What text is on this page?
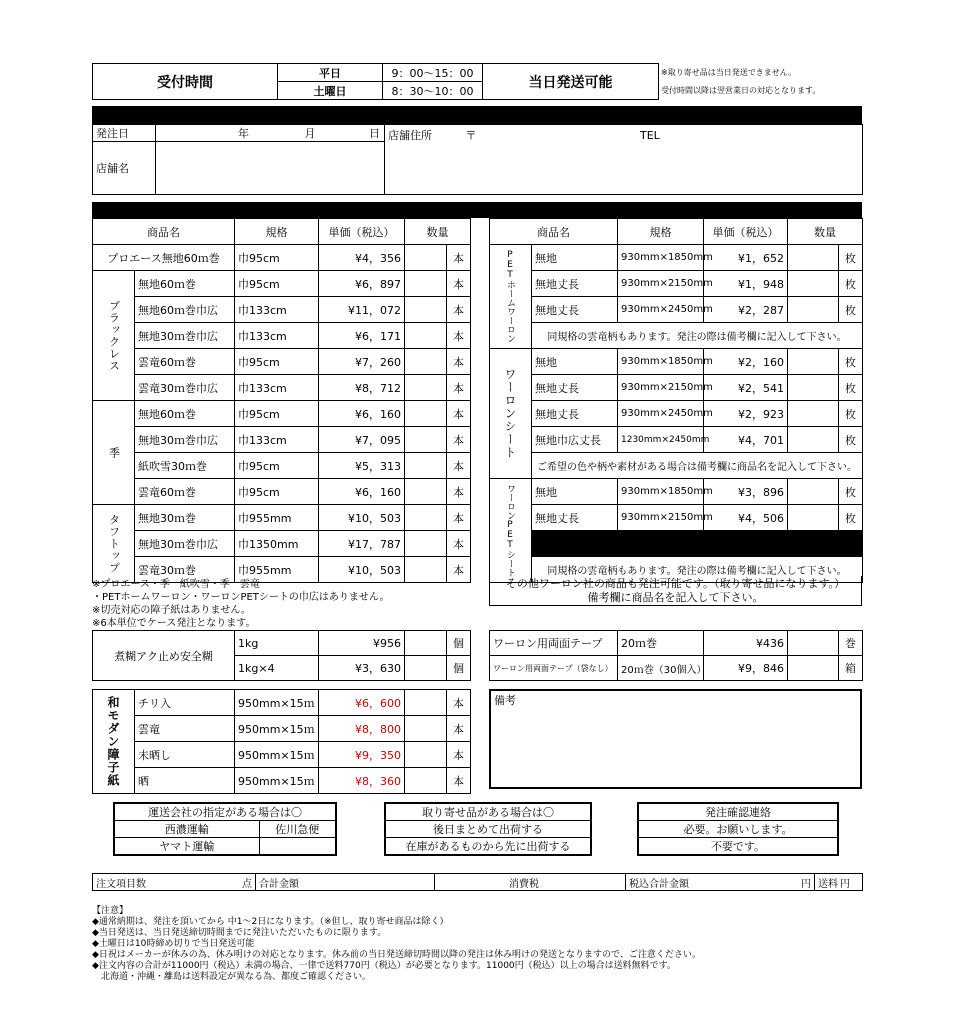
受付時間	平日	9：00～15：00	当日発送可能
	土曜日	8：30～10：00	
※取り寄せ品は当日発送できません。
受付時間以降は翌営業日の対応となります。
発注日	年 月 日	店舗住所 〒 TEL
店舗名		
商品名		規格	単価（税込）	数量	
プロエース無地60ｍ巻		巾95cm	¥4，356		本
ブラックレス	無地60ｍ巻	巾95cm	¥6，897		本
	無地60ｍ巻巾広	巾133cm	¥11，072		本
	無地30ｍ巻巾広	巾133cm	¥6，171		本
	雲竜60ｍ巻	巾95cm	¥7，260		本
	雲竜30ｍ巻巾広	巾133cm	¥8，712		本
季	無地60ｍ巻	巾95cm	¥6，160		本
	無地30ｍ巻巾広	巾133cm	¥7，095		本
	紙吹雪30ｍ巻	巾95cm	¥5，313		本
	雲竜60ｍ巻	巾95cm	¥6，160		本
タフトップ	無地30ｍ巻	巾955mm	¥10，503		本
	無地30ｍ巻巾広	巾1350mm	¥17，787		本
	雲竜30ｍ巻	巾955mm	¥10，503		本
※プロエース・季　紙吹雪・季　雲竜
・PETホームワーロン・ワーロンPETシートの巾広はありません。
※切売対応の障子紙はありません。
※6本単位でケース発注となります。
商品名		規格	単価（税込）	数量	
PETホームワーロン	無地	930mm×1850mm	¥1，652		枚
	無地丈長	930mm×2150mm	¥1，948		枚
	無地丈長	930mm×2450mm	¥2，287		枚
	同規格の雲竜柄もあります。発注の際は備考欄に記入して下さい。				
ワーロンシート	無地	930mm×1850mm	¥2，160		枚
	無地丈長	930mm×2150mm	¥2，541		枚
	無地丈長	930mm×2450mm	¥2，923		枚
	無地巾広丈長	1230mm×2450mm	¥4，701		枚
	ご希望の色や柄や素材がある場合は備考欄に商品名を記入して下さい。				
ワーロンPETシート	無地	930mm×1850mm	¥3，896		枚
	無地丈長	930mm×2150mm	¥4，506		枚

	同規格の雲竜柄もあります。発注の際は備考欄に記入して下さい。				
その他ワーロン社の商品も発注可能です。（取り寄せ品になります。）
備考欄に商品名を記入して下さい。
煮糊アク止め安全糊	1kg	¥956		個
	1kg×4	¥3，630		個
ワーロン用両面テープ	20ｍ巻	¥436		巻
ワーロン用両面テープ（袋なし）	20ｍ巻（30個入）	¥9，846		箱
和モダン障子紙	チリ入	950mm×15ｍ	¥6，600		本
	雲竜	950mm×15ｍ	¥8，800		本
	未晒し	950mm×15ｍ	¥9，350		本
	晒	950mm×15ｍ	¥8，360		本
備考
運送会社の指定がある場合は〇	
西濃運輸	佐川急便
ヤマト運輸	
取り寄せ品がある場合は〇
後日まとめて出荷する
在庫があるものから先に出荷する
発注確認連絡
必要。お願いします。
不要です。
注文項目数	点	合計金額	消費税	税込合計金額	円	送料 円
【注意】
◆通常納期は、発注を頂いてから 中1～2日になります。（※但し、取り寄せ商品は除く）
◆当日発送は、当日発送締切時間までに発注いただいたものに限ります。
◆土曜日は10時締め切りで当日発送可能
◆日祝はメーカーが休みの為、休み明けの対応となります。休み前の当日発送締切時間以降の発注は休み明けの発送となりますので、ご注意ください。
◆注文内容の合計が11000円（税込）未満の場合、一律で送料770円（税込）が必要となります。11000円（税込）以上の場合は送料無料です。
　北海道・沖縄・離島は送料設定が異なる為、都度ご確認ください。
